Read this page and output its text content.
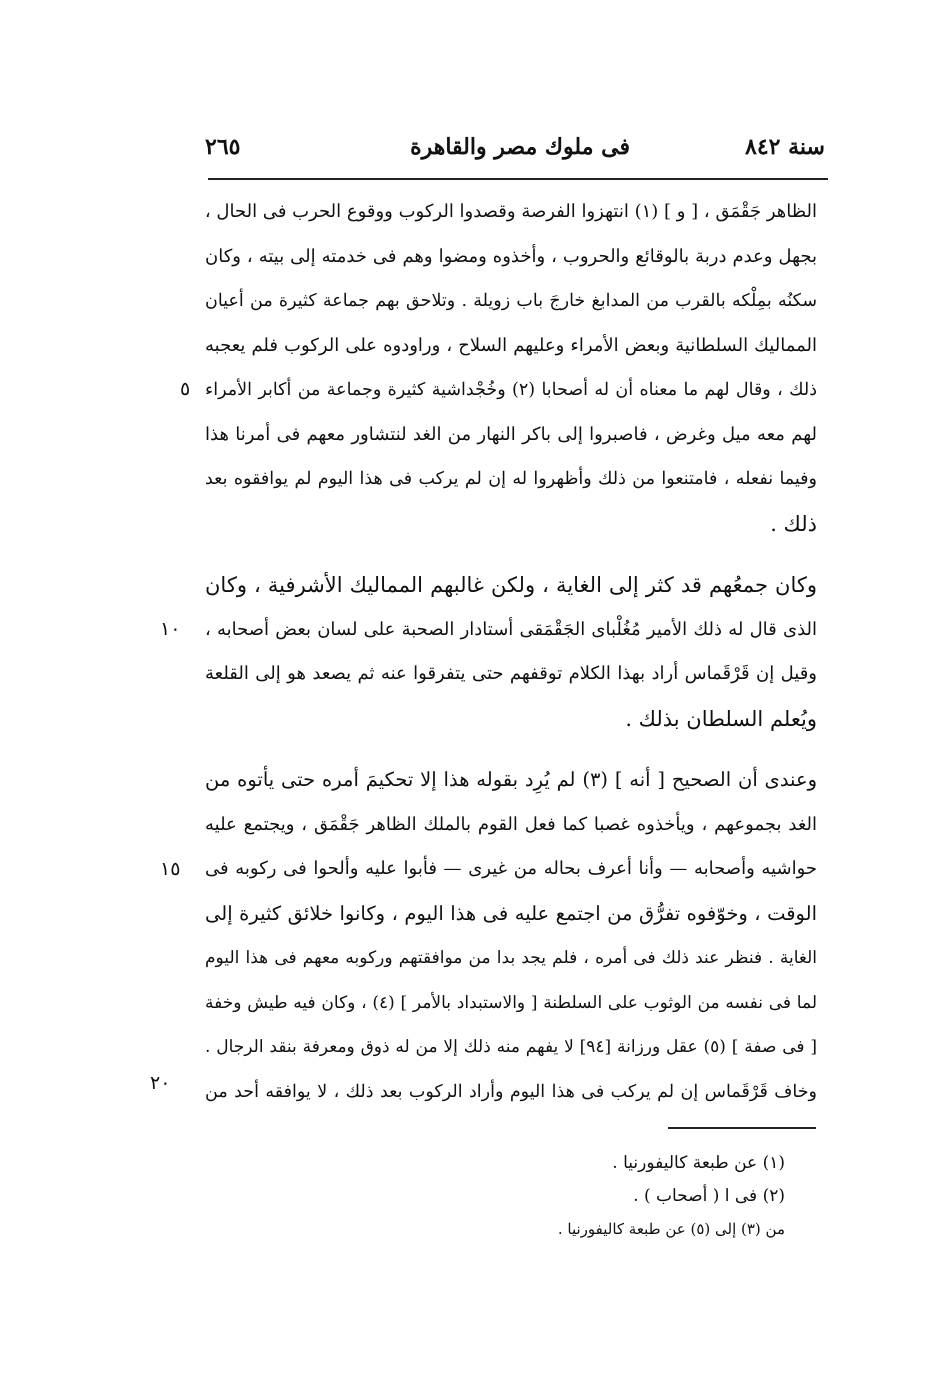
سنة ٨٤٢
فى ملوك مصر والقاهرة
٢٦٥
الظاهر جَقْمَق ، [ و ] (١) انتهزوا الفرصة وقصدوا الركوب ووقوع الحرب فى الحال ،
بجهل وعدم دربة بالوقائع والحروب ، وأخذوه ومضوا وهم فى خدمته إلى بيته ، وكان
سكنُه بمِلْكه بالقرب من المدابغ خارجَ باب زويلة . وتلاحق بهم جماعة كثيرة من أعيان
المماليك السلطانية وبعض الأمراء وعليهم السلاح ، وراودوه على الركوب فلم يعجبه
ذلك ، وقال لهم ما معناه أن له أصحابا (٢) وخُجْداشية كثيرة وجماعة من أكابر الأمراء
لهم معه ميل وغرض ، فاصبروا إلى باكر النهار من الغد لنتشاور معهم فى أمرنا هذا
وفيما نفعله ، فامتنعوا من ذلك وأظهروا له إن لم يركب فى هذا اليوم لم يوافقوه بعد
ذلك .
وكان جمعُهم قد كثر إلى الغاية ، ولكن غالبهم المماليك الأشرفية ، وكان
الذى قال له ذلك الأمير مُغُلْباى الجَقْمَقى أستادار الصحبة على لسان بعض أصحابه ،
وقيل إن قَرْقَماس أراد بهذا الكلام توقفهم حتى يتفرقوا عنه ثم يصعد هو إلى القلعة
ويُعلم السلطان بذلك .
وعندى أن الصحيح [ أنه ] (٣) لم يُرِد بقوله هذا إلا تحكيمَ أمره حتى يأتوه من
الغد بجموعهم ، ويأخذوه غصبا كما فعل القوم بالملك الظاهر جَقْمَق ، ويجتمع عليه
حواشيه وأصحابه — وأنا أعرف بحاله من غيرى — فأبوا عليه وألحوا فى ركوبه فى
الوقت ، وخوّفوه تفرُّق من اجتمع عليه فى هذا اليوم ، وكانوا خلائق كثيرة إلى
الغاية . فنظر عند ذلك فى أمره ، فلم يجد بدا من موافقتهم وركوبه معهم فى هذا اليوم
لما فى نفسه من الوثوب على السلطنة [ والاستبداد بالأمر ] (٤) ، وكان فيه طيش وخفة
[ فى صفة ] (٥) عقل ورزانة [٩٤] لا يفهم منه ذلك إلا من له ذوق ومعرفة بنقد الرجال .
وخاف قَرْقَماس إن لم يركب فى هذا اليوم وأراد الركوب بعد ذلك ، لا يوافقه أحد من
٥
١٠
١٥
٢٠
(١) عن طبعة كاليفورنيا .
(٢) فى ا ( أصحاب ) .
من (٣) إلى (٥) عن طبعة كاليفورنيا .
